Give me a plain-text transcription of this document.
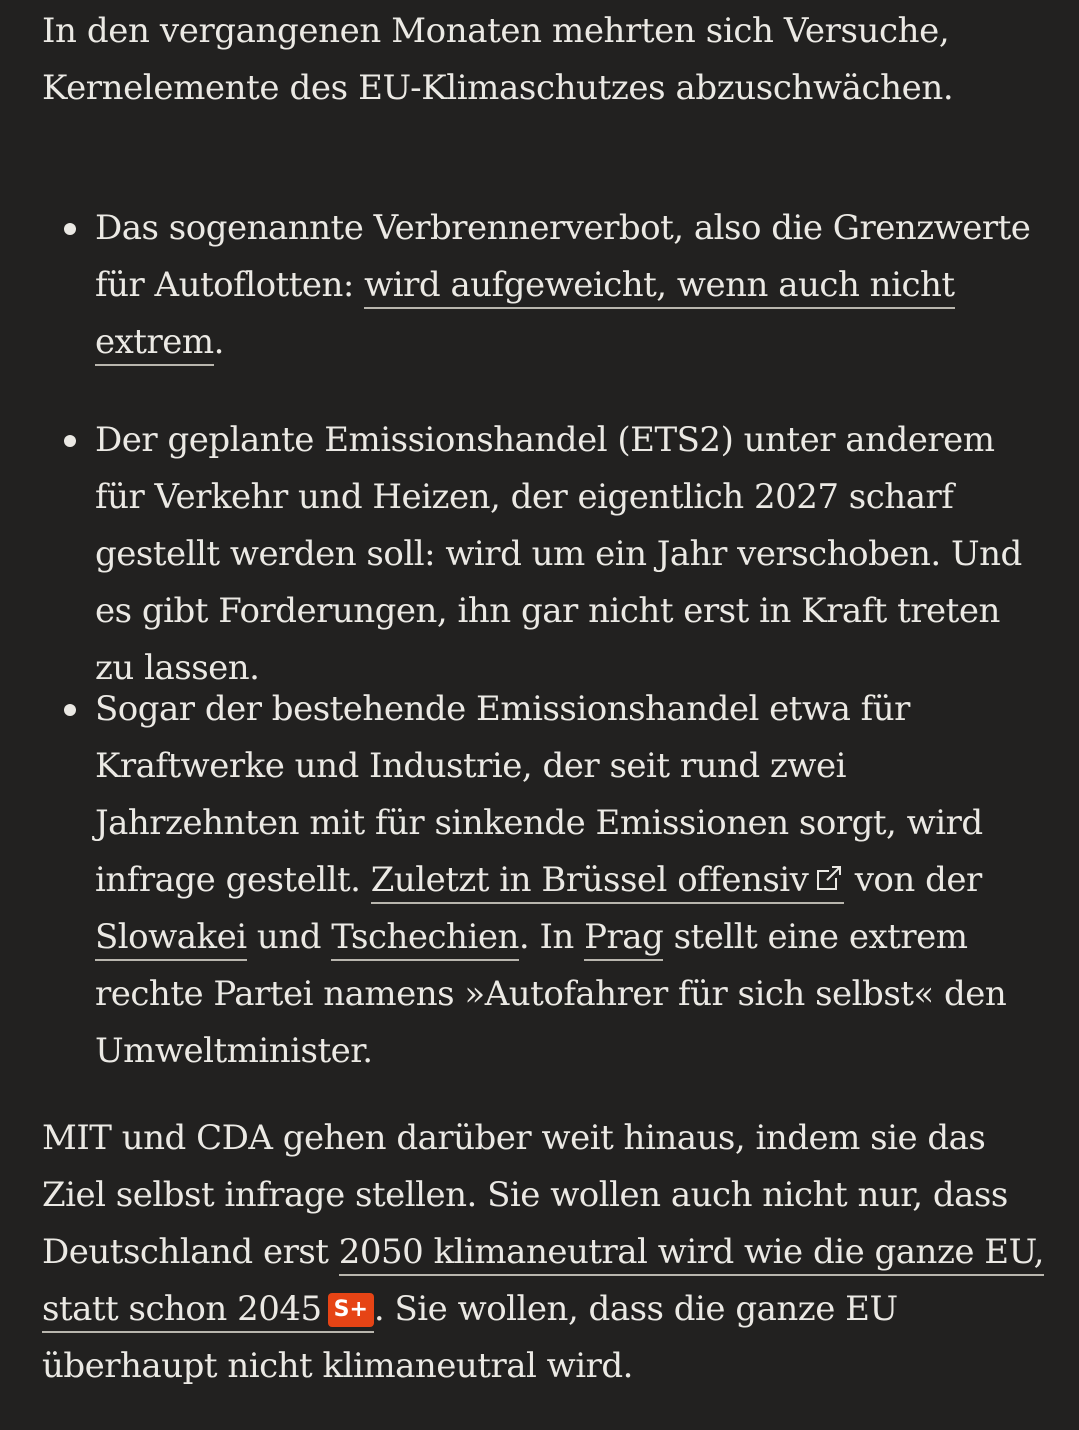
In den vergangenen Monaten mehrten sich Versuche, Kernelemente des EU-Klimaschutzes abzuschwächen.

Das sogenannte Verbrennerverbot, also die Grenzwerte für Autoflotten: wird aufgeweicht, wenn auch nicht extrem.
Der geplante Emissionshandel (ETS2) unter anderem für Verkehr und Heizen, der eigentlich 2027 scharf gestellt werden soll: wird um ein Jahr verschoben. Und es gibt Forderungen, ihn gar nicht erst in Kraft treten zu lassen.
Sogar der bestehende Emissionshandel etwa für Kraftwerke und Industrie, der seit rund zwei Jahrzehnten mit für sinkende Emissionen sorgt, wird infrage gestellt. Zuletzt in Brüssel offensiv von der Slowakei und Tschechien. In Prag stellt eine extrem rechte Partei namens »Autofahrer für sich selbst« den Umweltminister.

MIT und CDA gehen darüber weit hinaus, indem sie das Ziel selbst infrage stellen. Sie wollen auch nicht nur, dass Deutschland erst 2050 klimaneutral wird wie die ganze EU, statt schon 2045 S+ . Sie wollen, dass die ganze EU überhaupt nicht klimaneutral wird.
